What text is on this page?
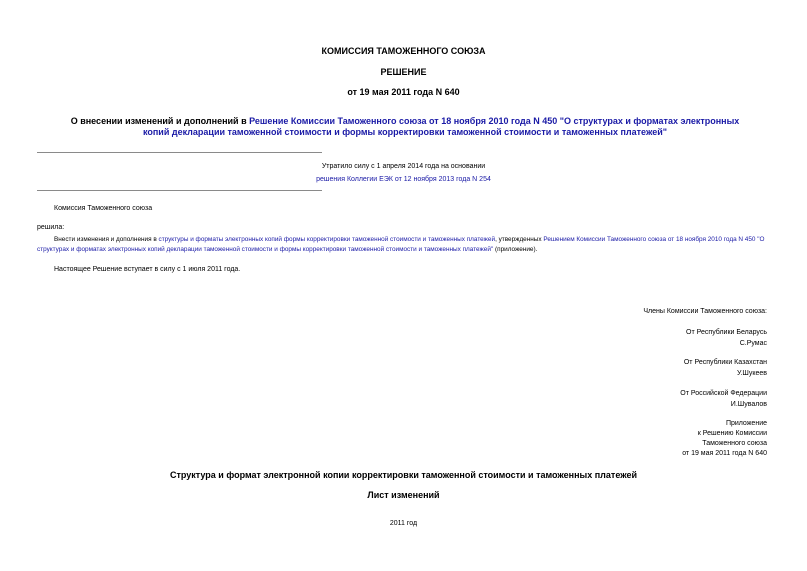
КОМИССИЯ ТАМОЖЕННОГО СОЮЗА
РЕШЕНИЕ
от 19 мая 2011 года N 640
О внесении изменений и дополнений в Решение Комиссии Таможенного союза от 18 ноября 2010 года N 450 "О структурах и форматах электронных копий декларации таможенной стоимости и формы корректировки таможенной стоимости и таможенных платежей"
Утратило силу с 1 апреля 2014 года на основании
решения Коллегии ЕЭК от 12 ноября 2013 года N 254
Комиссия Таможенного союза
решила:
Внести изменения и дополнения в структуры и форматы электронных копий формы корректировки таможенной стоимости и таможенных платежей, утвержденных Решением Комиссии Таможенного союза от 18 ноября 2010 года N 450 "О структурах и форматах электронных копий декларации таможенной стоимости и формы корректировки таможенной стоимости и таможенных платежей" (приложение).
Настоящее Решение вступает в силу с 1 июля 2011 года.
Члены Комиссии Таможенного союза:
От Республики Беларусь
С.Румас
От Республики Казахстан
У.Шукеев
От Российской Федерации
И.Шувалов
Приложение
к Решению Комиссии
Таможенного союза
от 19 мая 2011 года N 640
Структура и формат электронной копии корректировки таможенной стоимости и таможенных платежей
Лист изменений
2011 год
